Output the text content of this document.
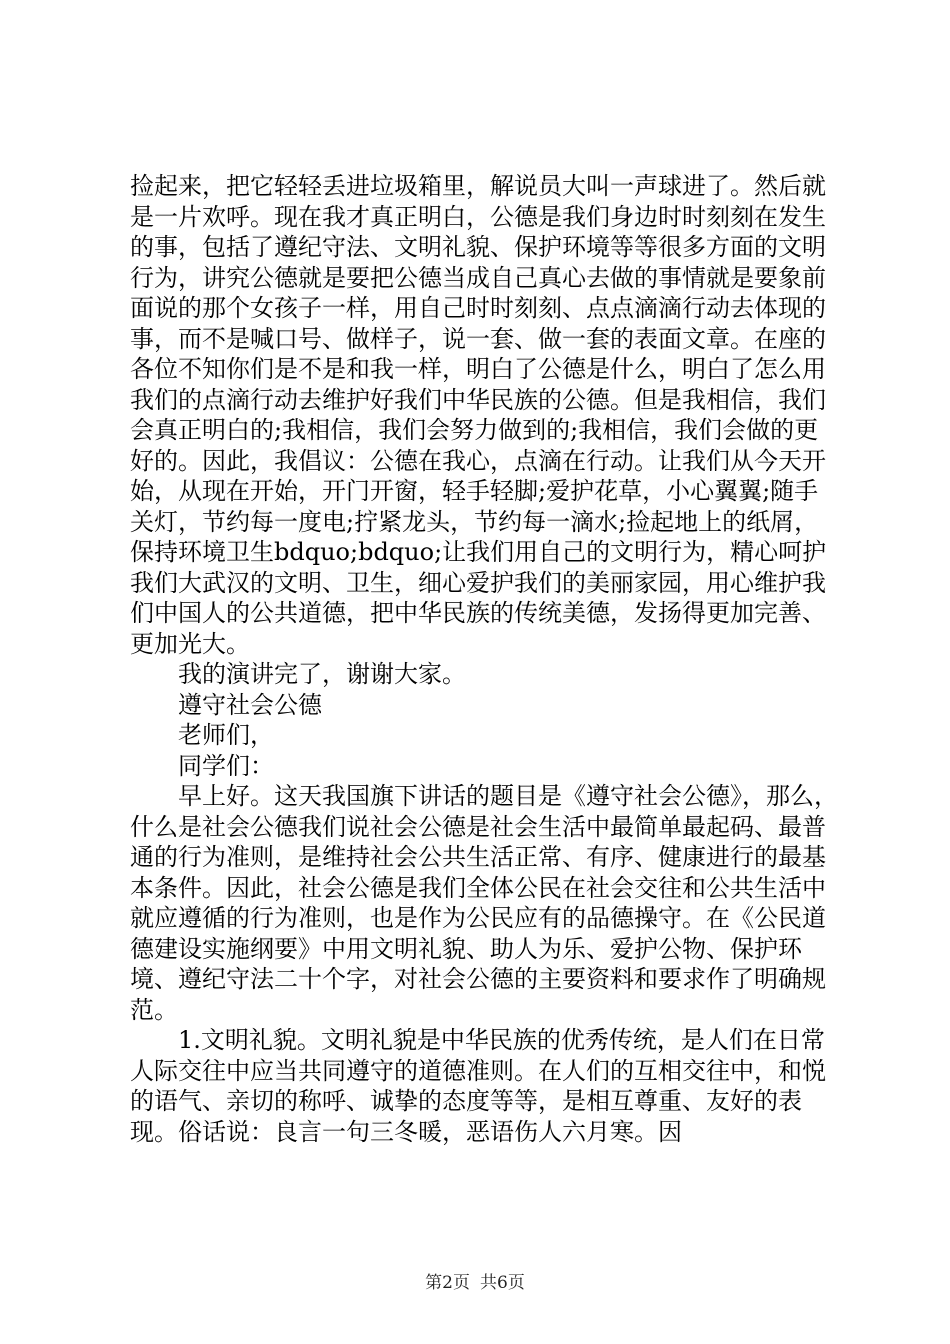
捡起来，把它轻轻丢进垃圾箱里，解说员大叫一声球进了。然后就是一片欢呼。现在我才真正明白，公德是我们身边时时刻刻在发生的事，包括了遵纪守法、文明礼貌、保护环境等等很多方面的文明行为，讲究公德就是要把公德当成自己真心去做的事情就是要象前面说的那个女孩子一样，用自己时时刻刻、点点滴滴行动去体现的事，而不是喊口号、做样子，说一套、做一套的表面文章。在座的各位不知你们是不是和我一样，明白了公德是什么，明白了怎么用我们的点滴行动去维护好我们中华民族的公德。但是我相信，我们会真正明白的;我相信，我们会努力做到的;我相信，我们会做的更好的。因此，我倡议：公德在我心，点滴在行动。让我们从今天开始，从现在开始，开门开窗，轻手轻脚;爱护花草，小心翼翼;随手关灯，节约每一度电;拧紧龙头，节约每一滴水;捡起地上的纸屑，保持环境卫生bdquo;bdquo;让我们用自己的文明行为，精心呵护我们大武汉的文明、卫生，细心爱护我们的美丽家园，用心维护我们中国人的公共道德，把中华民族的传统美德，发扬得更加完善、更加光大。

我的演讲完了，谢谢大家。

遵守社会公德

老师们，

同学们：

早上好。这天我国旗下讲话的题目是《遵守社会公德》，那么，什么是社会公德我们说社会公德是社会生活中最简单最起码、最普通的行为准则，是维持社会公共生活正常、有序、健康进行的最基本条件。因此，社会公德是我们全体公民在社会交往和公共生活中就应遵循的行为准则，也是作为公民应有的品德操守。在《公民道德建设实施纲要》中用文明礼貌、助人为乐、爱护公物、保护环境、遵纪守法二十个字，对社会公德的主要资料和要求作了明确规范。

1.文明礼貌。文明礼貌是中华民族的优秀传统，是人们在日常人际交往中应当共同遵守的道德准则。在人们的互相交往中，和悦的语气、亲切的称呼、诚挚的态度等等，是相互尊重、友好的表现。俗话说：良言一句三冬暖，恶语伤人六月寒。因

第2页 共6页
